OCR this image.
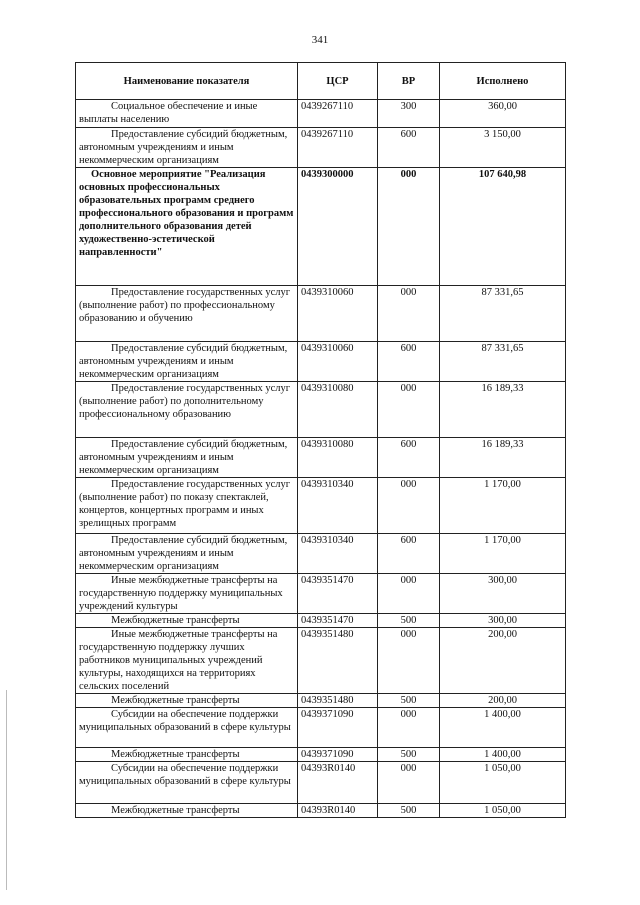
341
Наименование показателя	ЦСР	ВР	Исполнено
Социальное обеспечение и иные выплаты населению	0439267110	300	360,00
Предоставление субсидий бюджетным, автономным учреждениям и иным некоммерческим организациям	0439267110	600	3 150,00
Основное мероприятие "Реализация основных профессиональных образовательных программ среднего профессионального образования и программ дополнительного образования детей художественно-эстетической направленности"	0439300000	000	107 640,98
Предоставление государственных услуг (выполнение работ) по профессиональному образованию и обучению	0439310060	000	87 331,65
Предоставление субсидий бюджетным, автономным учреждениям и иным некоммерческим организациям	0439310060	600	87 331,65
Предоставление государственных услуг (выполнение работ) по дополнительному профессиональному образованию	0439310080	000	16 189,33
Предоставление субсидий бюджетным, автономным учреждениям и иным некоммерческим организациям	0439310080	600	16 189,33
Предоставление государственных услуг (выполнение работ) по показу спектаклей, концертов, концертных программ и иных зрелищных программ	0439310340	000	1 170,00
Предоставление субсидий бюджетным, автономным учреждениям и иным некоммерческим организациям	0439310340	600	1 170,00
Иные межбюджетные трансферты на государственную поддержку муниципальных учреждений культуры	0439351470	000	300,00
Межбюджетные трансферты	0439351470	500	300,00
Иные межбюджетные трансферты на государственную поддержку лучших работников муниципальных учреждений культуры, находящихся на территориях сельских поселений	0439351480	000	200,00
Межбюджетные трансферты	0439351480	500	200,00
Субсидии на обеспечение поддержки муниципальных образований в сфере культуры	0439371090	000	1 400,00
Межбюджетные трансферты	0439371090	500	1 400,00
Субсидии на обеспечение поддержки муниципальных образований в сфере культуры	04393R0140	000	1 050,00
Межбюджетные трансферты	04393R0140	500	1 050,00
